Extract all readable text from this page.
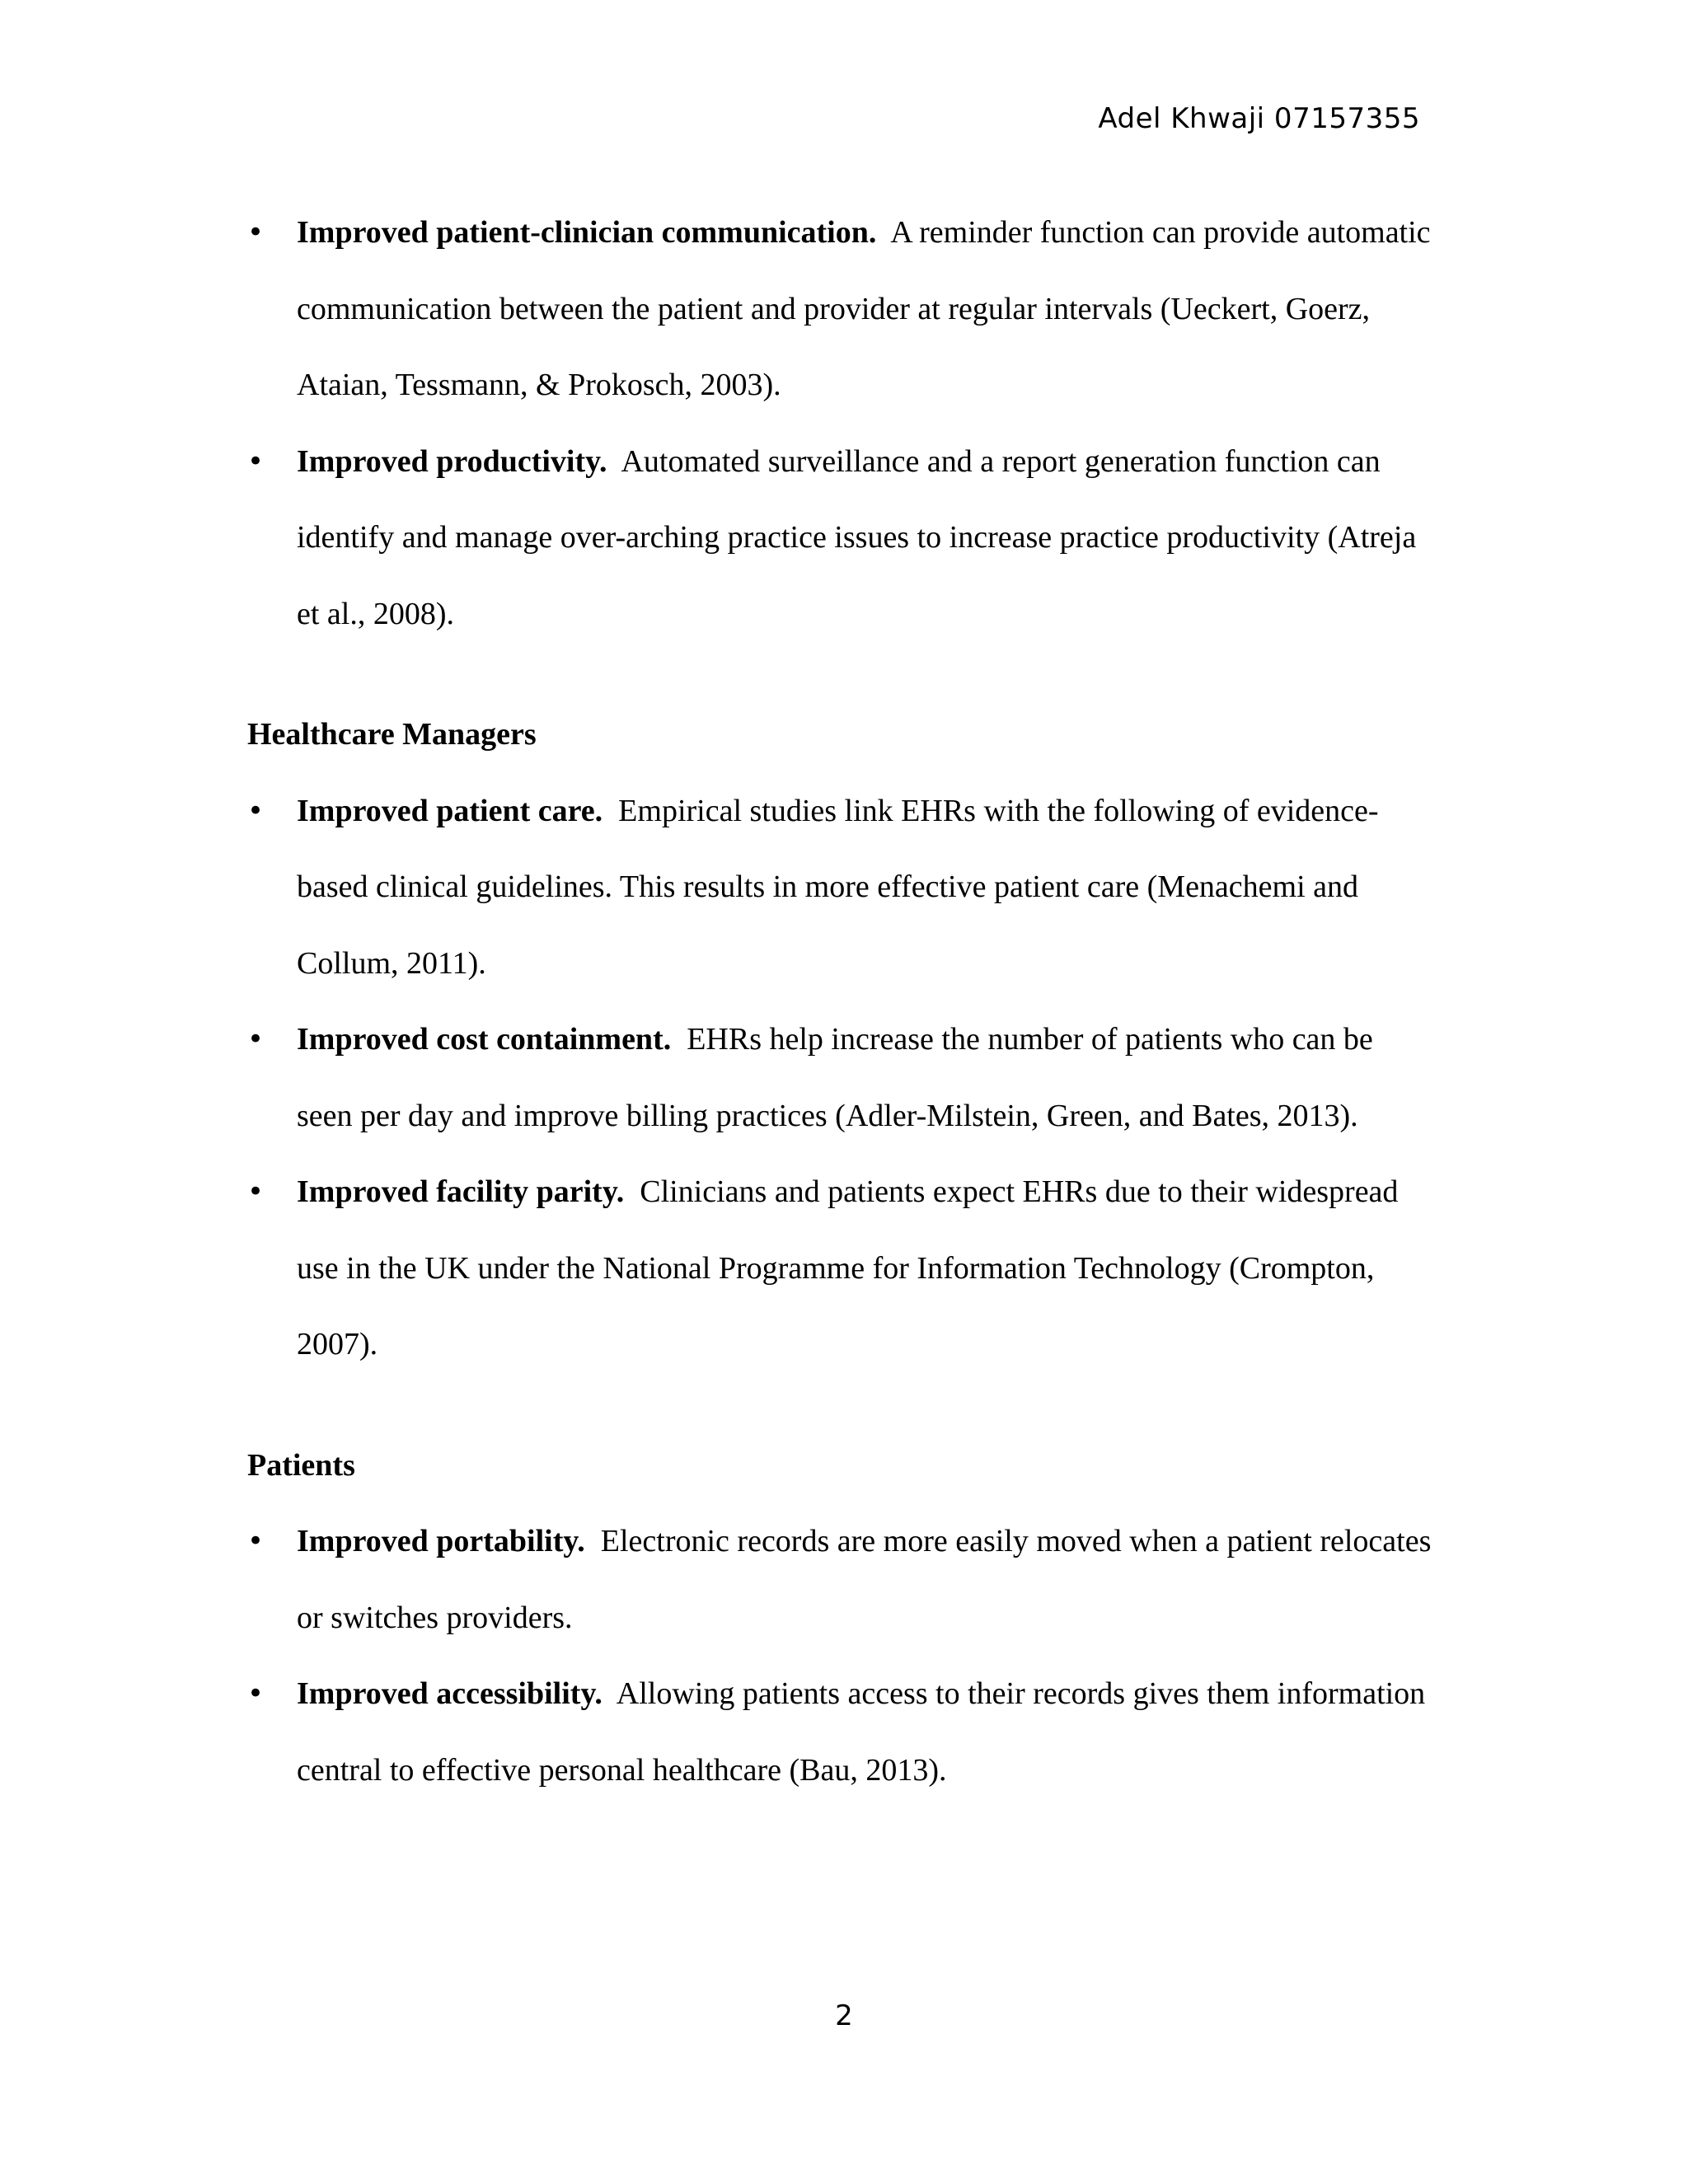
Adel Khwaji 07157355
• Improved patient-clinician communication. A reminder function can provide automatic communication between the patient and provider at regular intervals (Ueckert, Goerz, Ataian, Tessmann, & Prokosch, 2003).
• Improved productivity. Automated surveillance and a report generation function can identify and manage over-arching practice issues to increase practice productivity (Atreja et al., 2008).
Healthcare Managers
• Improved patient care. Empirical studies link EHRs with the following of evidence-based clinical guidelines. This results in more effective patient care (Menachemi and Collum, 2011).
• Improved cost containment. EHRs help increase the number of patients who can be seen per day and improve billing practices (Adler-Milstein, Green, and Bates, 2013).
• Improved facility parity. Clinicians and patients expect EHRs due to their widespread use in the UK under the National Programme for Information Technology (Crompton, 2007).
Patients
• Improved portability. Electronic records are more easily moved when a patient relocates or switches providers.
• Improved accessibility. Allowing patients access to their records gives them information central to effective personal healthcare (Bau, 2013).
2
